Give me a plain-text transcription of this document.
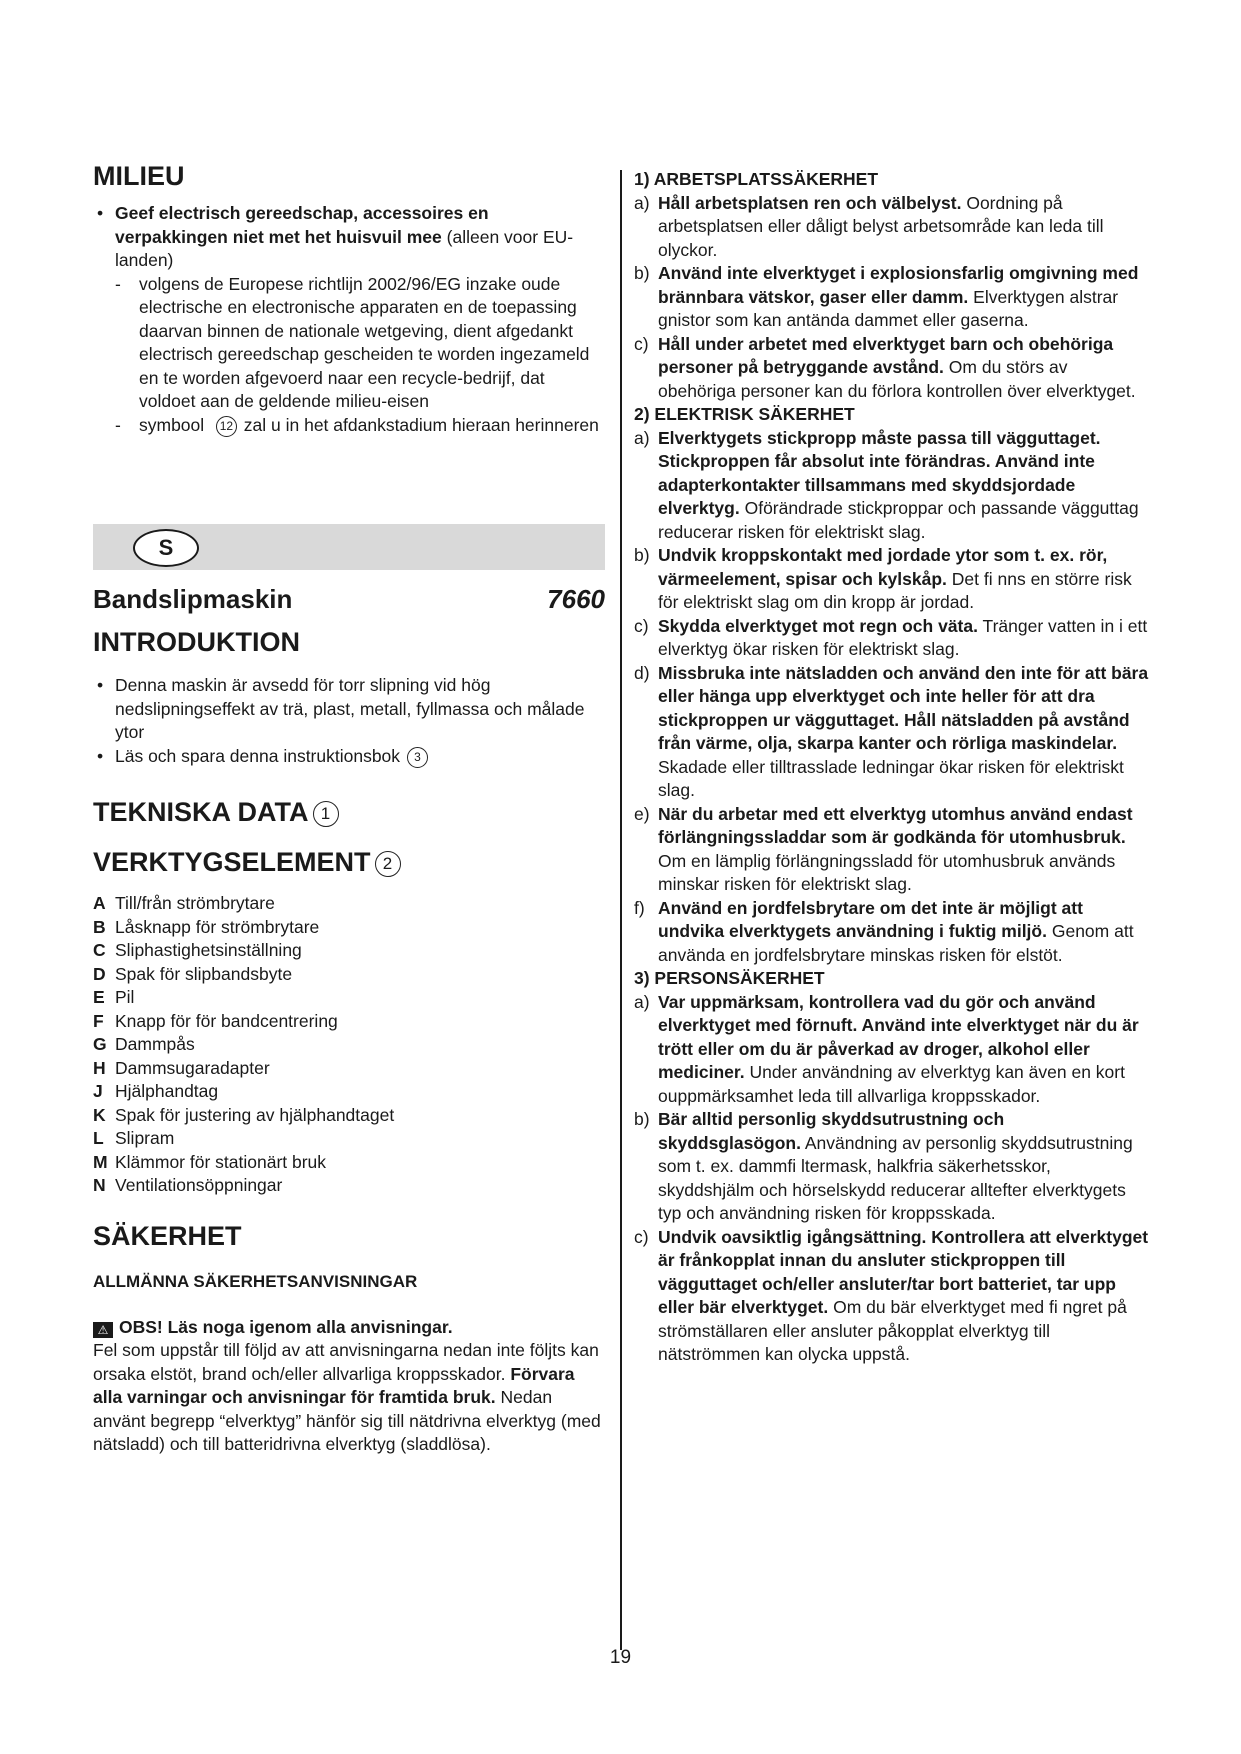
MILIEU
• Geef electrisch gereedschap, accessoires en verpakkingen niet met het huisvuil mee (alleen voor EU-landen)
- volgens de Europese richtlijn 2002/96/EG inzake oude electrische en electronische apparaten en de toepassing daarvan binnen de nationale wetgeving, dient afgedankt electrisch gereedschap gescheiden te worden ingezameld en te worden afgevoerd naar een recycle-bedrijf, dat voldoet aan de geldende milieu-eisen
- symbool 12 zal u in het afdankstadium hieraan herinneren
S
Bandslipmaskin	7660
INTRODUKTION
• Denna maskin är avsedd för torr slipning vid hög nedslipningseffekt av trä, plast, metall, fyllmassa och målade ytor
• Läs och spara denna instruktionsbok 3
TEKNISKA DATA 1
VERKTYGSELEMENT 2
A Till/från strömbrytare
B Låsknapp för strömbrytare
C Sliphastighetsinställning
D Spak för slipbandsbyte
E Pil
F Knapp för för bandcentrering
G Dammpås
H Dammsugaradapter
J Hjälphandtag
K Spak för justering av hjälphandtaget
L Slipram
M Klämmor för stationärt bruk
N Ventilationsöppningar
SÄKERHET
ALLMÄNNA SÄKERHETSANVISNINGAR
⚠ OBS! Läs noga igenom alla anvisningar.

Fel som uppstår till följd av att anvisningarna nedan inte följts kan orsaka elstöt, brand och/eller allvarliga kroppsskador. Förvara alla varningar och anvisningar för framtida bruk. Nedan använt begrepp “elverktyg” hänför sig till nätdrivna elverktyg (med nätsladd) och till batteridrivna elverktyg (sladdlösa).

1) ARBETSPLATSSÄKERHET
a) Håll arbetsplatsen ren och välbelyst. Oordning på arbetsplatsen eller dåligt belyst arbetsområde kan leda till olyckor.
b) Använd inte elverktyget i explosionsfarlig omgivning med brännbara vätskor, gaser eller damm. Elverktygen alstrar gnistor som kan antända dammet eller gaserna.
c) Håll under arbetet med elverktyget barn och obehöriga personer på betryggande avstånd. Om du störs av obehöriga personer kan du förlora kontrollen över elverktyget.
2) ELEKTRISK SÄKERHET
a) Elverktygets stickpropp måste passa till vägguttaget. Stickproppen får absolut inte förändras. Använd inte adapterkontakter tillsammans med skyddsjordade elverktyg. Oförändrade stickproppar och passande vägguttag reducerar risken för elektriskt slag.
b) Undvik kroppskontakt med jordade ytor som t. ex. rör, värmeelement, spisar och kylskåp. Det fi nns en större risk för elektriskt slag om din kropp är jordad.
c) Skydda elverktyget mot regn och väta. Tränger vatten in i ett elverktyg ökar risken för elektriskt slag.
d) Missbruka inte nätsladden och använd den inte för att bära eller hänga upp elverktyget och inte heller för att dra stickproppen ur vägguttaget. Håll nätsladden på avstånd från värme, olja, skarpa kanter och rörliga maskindelar. Skadade eller tilltrasslade ledningar ökar risken för elektriskt slag.
e) När du arbetar med ett elverktyg utomhus använd endast förlängningssladdar som är godkända för utomhusbruk. Om en lämplig förlängningssladd för utomhusbruk används minskar risken för elektriskt slag.
f) Använd en jordfelsbrytare om det inte är möjligt att undvika elverktygets användning i fuktig miljö. Genom att använda en jordfelsbrytare minskas risken för elstöt.
3) PERSONSÄKERHET
a) Var uppmärksam, kontrollera vad du gör och använd elverktyget med förnuft. Använd inte elverktyget när du är trött eller om du är påverkad av droger, alkohol eller mediciner. Under användning av elverktyg kan även en kort ouppmärksamhet leda till allvarliga kroppsskador.
b) Bär alltid personlig skyddsutrustning och skyddsglasögon. Användning av personlig skyddsutrustning som t. ex. dammfi ltermask, halkfria säkerhetsskor, skyddshjälm och hörselskydd reducerar alltefter elverktygets typ och användning risken för kroppsskada.
c) Undvik oavsiktlig igångsättning. Kontrollera att elverktyget är frånkopplat innan du ansluter stickproppen till vägguttaget och/eller ansluter/tar bort batteriet, tar upp eller bär elverktyget. Om du bär elverktyget med fi ngret på strömställaren eller ansluter påkopplat elverktyg till nätströmmen kan olycka uppstå.
19
